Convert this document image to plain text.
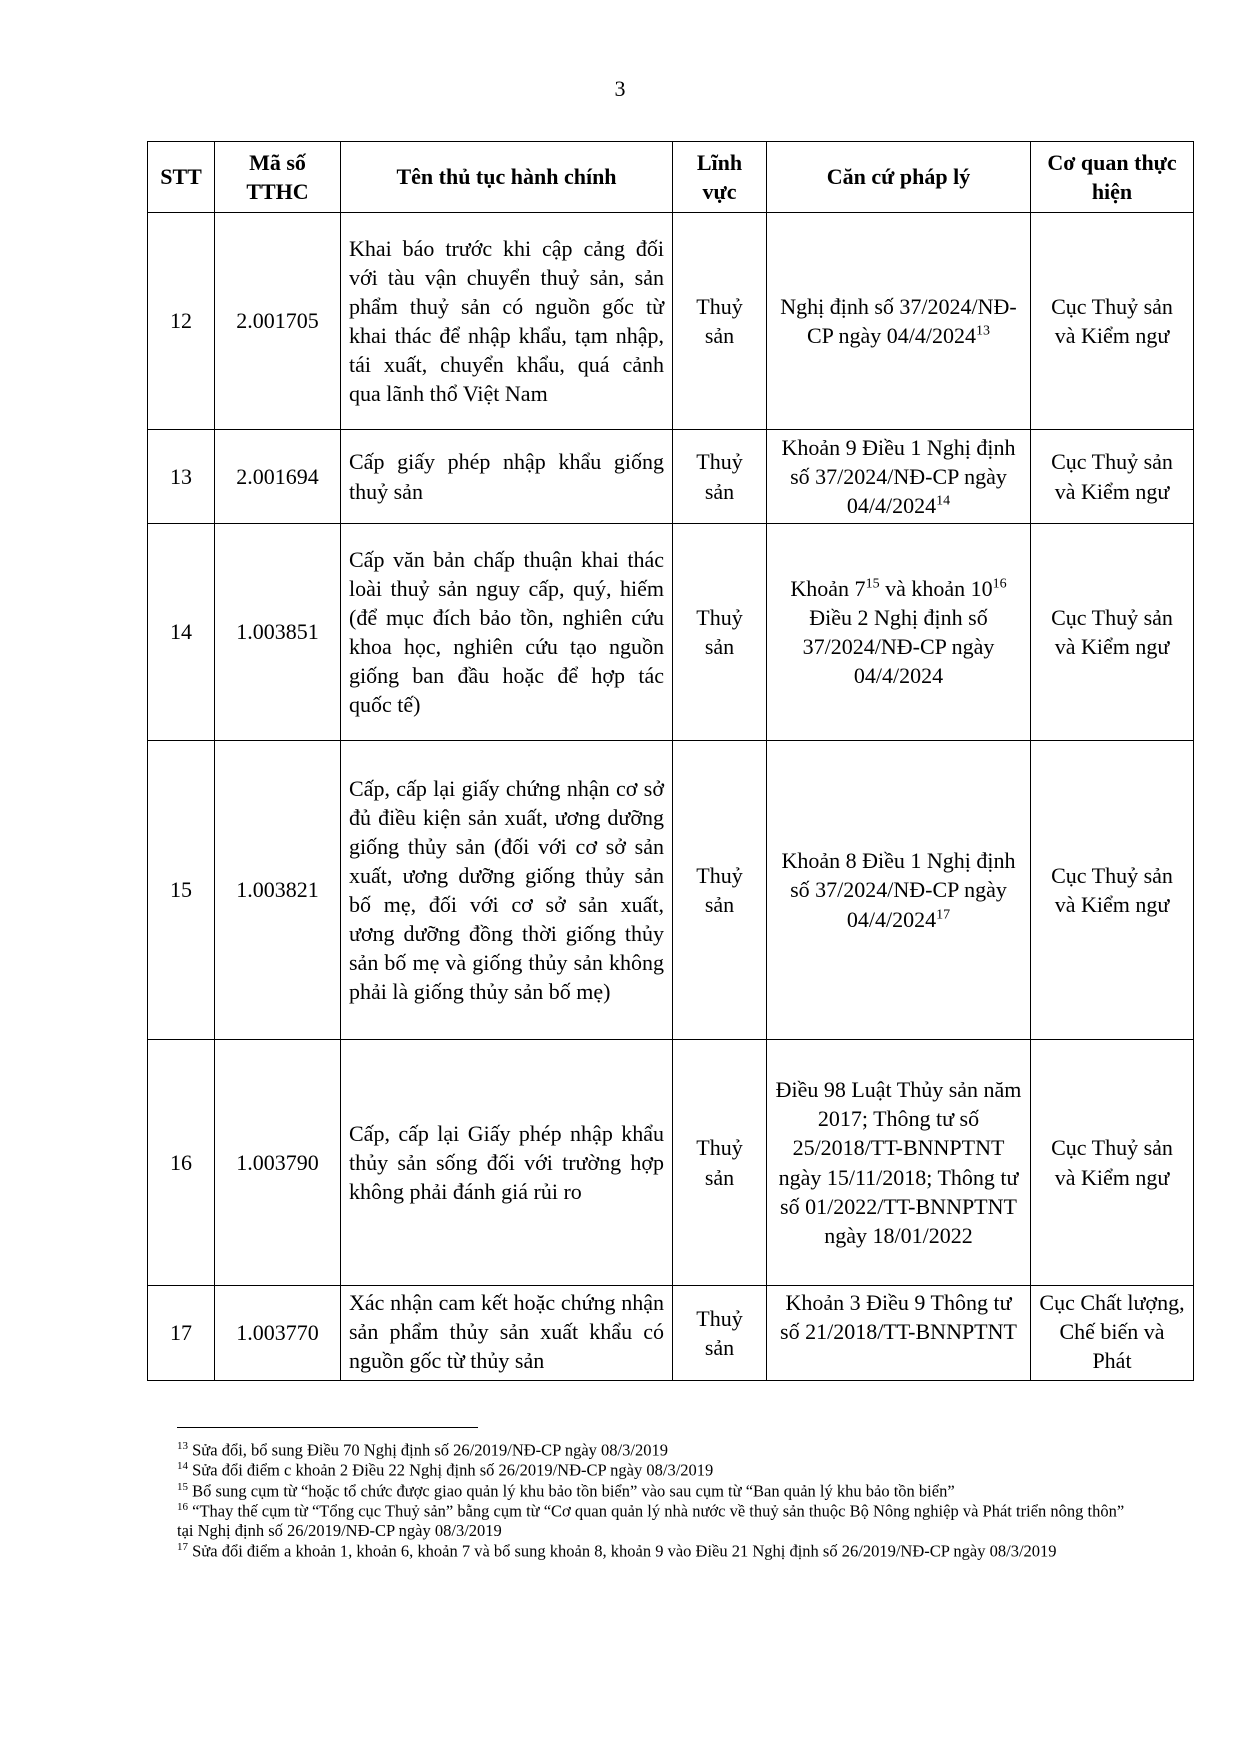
3
STT	Mã số TTHC	Tên thủ tục hành chính	Lĩnh vực	Căn cứ pháp lý	Cơ quan thực hiện
12	2.001705	Khai báo trước khi cập cảng đối với tàu vận chuyển thuỷ sản, sản phẩm thuỷ sản có nguồn gốc từ khai thác để nhập khẩu, tạm nhập, tái xuất, chuyển khẩu, quá cảnh qua lãnh thổ Việt Nam	Thuỷ sản	Nghị định số 37/2024/NĐ-CP ngày 04/4/2024$^{13}$	Cục Thuỷ sản và Kiểm ngư
13	2.001694	Cấp giấy phép nhập khẩu giống thuỷ sản	Thuỷ sản	Khoản 9 Điều 1 Nghị định số 37/2024/NĐ-CP ngày 04/4/2024$^{14}$	Cục Thuỷ sản và Kiểm ngư
14	1.003851	Cấp văn bản chấp thuận khai thác loài thuỷ sản nguy cấp, quý, hiếm (để mục đích bảo tồn, nghiên cứu khoa học, nghiên cứu tạo nguồn giống ban đầu hoặc để hợp tác quốc tế)	Thuỷ sản	Khoản $7^{15}$ và khoản $10^{16}$ Điều 2 Nghị định số 37/2024/NĐ-CP ngày 04/4/2024	Cục Thuỷ sản và Kiểm ngư
15	1.003821	Cấp, cấp lại giấy chứng nhận cơ sở đủ điều kiện sản xuất, ương dưỡng giống thủy sản (đối với cơ sở sản xuất, ương dưỡng giống thủy sản bố mẹ, đối với cơ sở sản xuất, ương dưỡng đồng thời giống thủy sản bố mẹ và giống thủy sản không phải là giống thủy sản bố mẹ)	Thuỷ sản	Khoản 8 Điều 1 Nghị định số 37/2024/NĐ-CP ngày 04/4/2024$^{17}$	Cục Thuỷ sản và Kiểm ngư
16	1.003790	Cấp, cấp lại Giấy phép nhập khẩu thủy sản sống đối với trường hợp không phải đánh giá rủi ro	Thuỷ sản	Điều 98 Luật Thủy sản năm 2017; Thông tư số 25/2018/TT-BNNPTNT ngày 15/11/2018; Thông tư số 01/2022/TT-BNNPTNT ngày 18/01/2022	Cục Thuỷ sản và Kiểm ngư
17	1.003770	Xác nhận cam kết hoặc chứng nhận sản phẩm thủy sản xuất khẩu có nguồn gốc từ thủy sản	Thuỷ sản	Khoản 3 Điều 9 Thông tư số 21/2018/TT-BNNPTNT	Cục Chất lượng, Chế biến và Phát
$^{13}$ Sửa đổi, bổ sung Điều 70 Nghị định số 26/2019/NĐ-CP ngày 08/3/2019
$^{14}$ Sửa đổi điểm c khoản 2 Điều 22 Nghị định số 26/2019/NĐ-CP ngày 08/3/2019
$^{15}$ Bổ sung cụm từ “hoặc tổ chức được giao quản lý khu bảo tồn biển” vào sau cụm từ “Ban quản lý khu bảo tồn biển”
$^{16}$ “Thay thế cụm từ “Tổng cục Thuỷ sản” bằng cụm từ “Cơ quan quản lý nhà nước về thuỷ sản thuộc Bộ Nông nghiệp và Phát triển nông thôn” tại Nghị định số 26/2019/NĐ-CP ngày 08/3/2019
$^{17}$ Sửa đổi điểm a khoản 1, khoản 6, khoản 7 và bổ sung khoản 8, khoản 9 vào Điều 21 Nghị định số 26/2019/NĐ-CP ngày 08/3/2019
